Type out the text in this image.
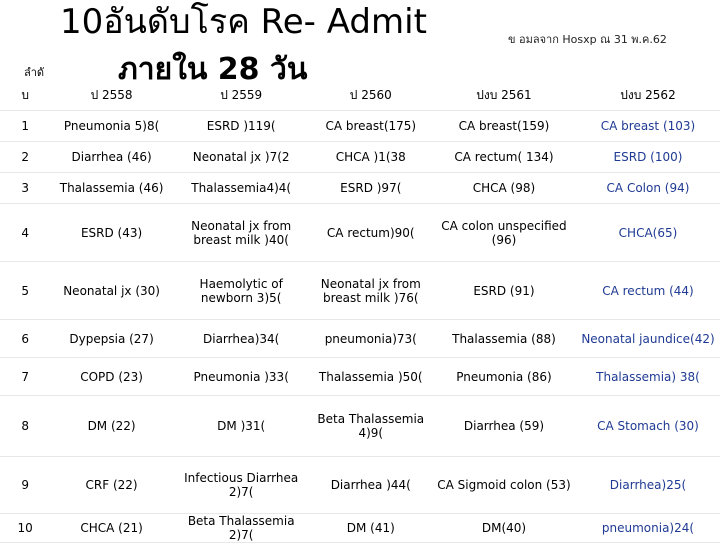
10อันดับโรค Re- Admit
ภายใน 28 วัน
ข อมลจาก Hosxp ณ 31 พ.ค.62
ลำดั
บ	ป 2558	ป 2559	ป 2560	ปงบ 2561	ปงบ 2562
1	Pneumonia 5)8(	ESRD )119(	CA breast(175)	CA breast(159)	CA breast (103)
2	Diarrhea (46)	Neonatal jx )7(2	CHCA )1(38	CA rectum( 134)	ESRD (100)
3	Thalassemia (46)	Thalassemia4)4(	ESRD )97(	CHCA (98)	CA Colon (94)
4	ESRD (43)	Neonatal jx from breast milk )40(	CA rectum)90(	CA colon unspecified (96)	CHCA(65)
5	Neonatal jx (30)	Haemolytic of newborn 3)5(	Neonatal jx from breast milk )76(	ESRD (91)	CA rectum (44)
6	Dypepsia (27)	Diarrhea)34(	pneumonia)73(	Thalassemia (88)	Neonatal jaundice(42)
7	COPD (23)	Pneumonia )33(	Thalassemia )50(	Pneumonia (86)	Thalassemia) 38(
8	DM (22)	DM )31(	Beta Thalassemia 4)9(	Diarrhea (59)	CA Stomach (30)
9	CRF (22)	Infectious Diarrhea 2)7(	Diarrhea )44(	CA Sigmoid colon (53)	Diarrhea)25(
10	CHCA (21)	Beta Thalassemia 2)7(	DM (41)	DM(40)	pneumonia)24(
